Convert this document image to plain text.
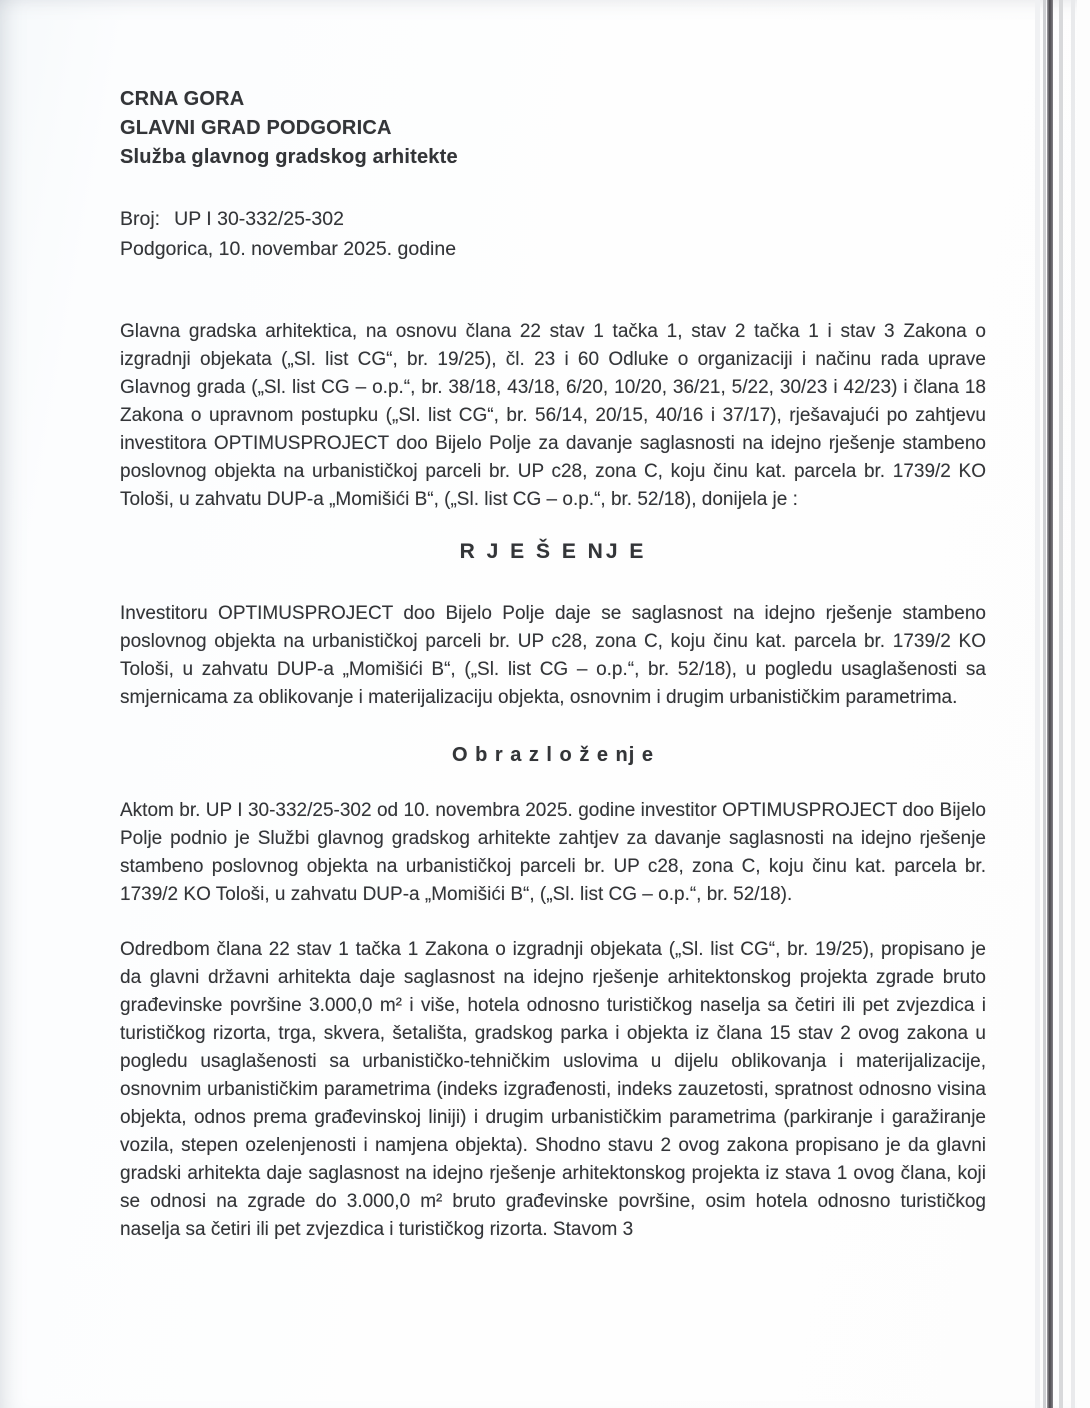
CRNA GORA
GLAVNI GRAD PODGORICA
Služba glavnog gradskog arhitekte
Broj: UP I 30-332/25-302
Podgorica, 10. novembar 2025. godine

Glavna gradska arhitektica, na osnovu člana 22 stav 1 tačka 1, stav 2 tačka 1 i stav 3 Zakona o izgradnji objekata („Sl. list CG“, br. 19/25), čl. 23 i 60 Odluke o organizaciji i načinu rada uprave Glavnog grada („Sl. list CG – o.p.“, br. 38/18, 43/18, 6/20, 10/20, 36/21, 5/22, 30/23 i 42/23) i člana 18 Zakona o upravnom postupku („Sl. list CG“, br. 56/14, 20/15, 40/16 i 37/17), rješavajući po zahtjevu investitora OPTIMUSPROJECT doo Bijelo Polje za davanje saglasnosti na idejno rješenje stambeno poslovnog objekta na urbanističkoj parceli br. UP c28, zona C, koju činu kat. parcela br. 1739/2 KO Tološi, u zahvatu DUP-a „Momišići B“, („Sl. list CG – o.p.“, br. 52/18), donijela je :

R J E Š E NJ E

Investitoru OPTIMUSPROJECT doo Bijelo Polje daje se saglasnost na idejno rješenje stambeno poslovnog objekta na urbanističkoj parceli br. UP c28, zona C, koju činu kat. parcela br. 1739/2 KO Tološi, u zahvatu DUP-a „Momišići B“, („Sl. list CG – o.p.“, br. 52/18), u pogledu usaglašenosti sa smjernicama za oblikovanje i materijalizaciju objekta, osnovnim i drugim urbanističkim parametrima.

O b r a z l o ž e nj e

Aktom br. UP I 30-332/25-302 od 10. novembra 2025. godine investitor OPTIMUSPROJECT doo Bijelo Polje podnio je Službi glavnog gradskog arhitekte zahtjev za davanje saglasnosti na idejno rješenje stambeno poslovnog objekta na urbanističkoj parceli br. UP c28, zona C, koju činu kat. parcela br. 1739/2 KO Tološi, u zahvatu DUP-a „Momišići B“, („Sl. list CG – o.p.“, br. 52/18).

Odredbom člana 22 stav 1 tačka 1 Zakona o izgradnji objekata („Sl. list CG“, br. 19/25), propisano je da glavni državni arhitekta daje saglasnost na idejno rješenje arhitektonskog projekta zgrade bruto građevinske površine 3.000,0 m² i više, hotela odnosno turističkog naselja sa četiri ili pet zvjezdica i turističkog rizorta, trga, skvera, šetališta, gradskog parka i objekta iz člana 15 stav 2 ovog zakona u pogledu usaglašenosti sa urbanističko-tehničkim uslovima u dijelu oblikovanja i materijalizacije, osnovnim urbanističkim parametrima (indeks izgrađenosti, indeks zauzetosti, spratnost odnosno visina objekta, odnos prema građevinskoj liniji) i drugim urbanističkim parametrima (parkiranje i garažiranje vozila, stepen ozelenjenosti i namjena objekta). Shodno stavu 2 ovog zakona propisano je da glavni gradski arhitekta daje saglasnost na idejno rješenje arhitektonskog projekta iz stava 1 ovog člana, koji se odnosi na zgrade do 3.000,0 m² bruto građevinske površine, osim hotela odnosno turističkog naselja sa četiri ili pet zvjezdica i turističkog rizorta. Stavom 3
